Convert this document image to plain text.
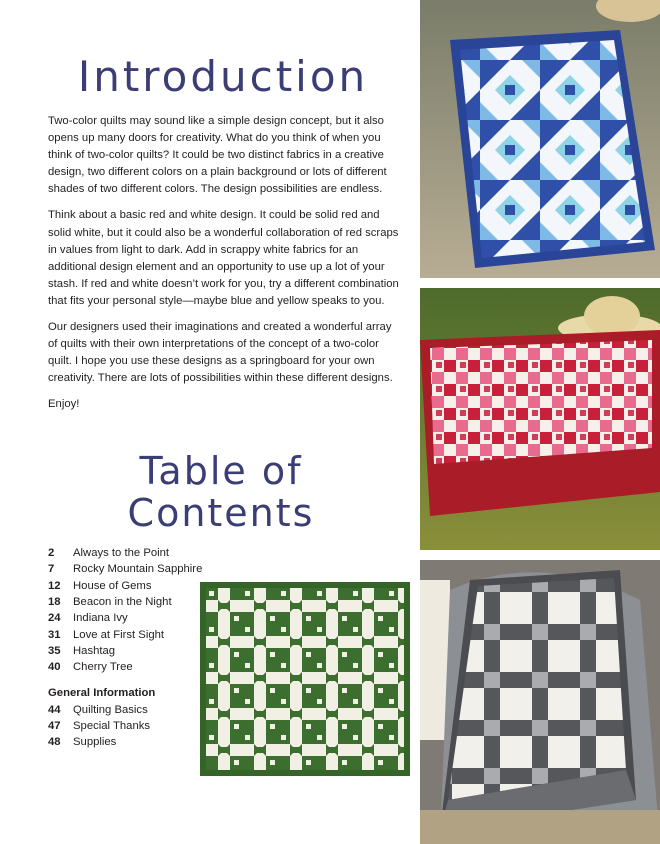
Introduction

Two-color quilts may sound like a simple design concept, but it also opens up many doors for creativity. What do you think of when you think of two-color quilts? It could be two distinct fabrics in a creative design, two different colors on a plain background or lots of different shades of two different colors. The design possibilities are endless.

Think about a basic red and white design. It could be solid red and solid white, but it could also be a wonderful collaboration of red scraps in values from light to dark. Add in scrappy white fabrics for an additional design element and an opportunity to use up a lot of your stash. If red and white doesn’t work for you, try a different combination that fits your personal style—maybe blue and yellow speaks to you.

Our designers used their imaginations and created a wonderful array of quilts with their own interpretations of the concept of a two-color quilt. I hope you use these designs as a springboard for your own creativity. There are lots of possibilities within these different designs.

Enjoy!

Table of
Contents
2	Always to the Point
7	Rocky Mountain Sapphire
12	House of Gems
18	Beacon in the Night
24	Indiana Ivy
31	Love at First Sight
35	Hashtag
40	Cherry Tree
General Information
44	Quilting Basics
47	Special Thanks
48	Supplies
